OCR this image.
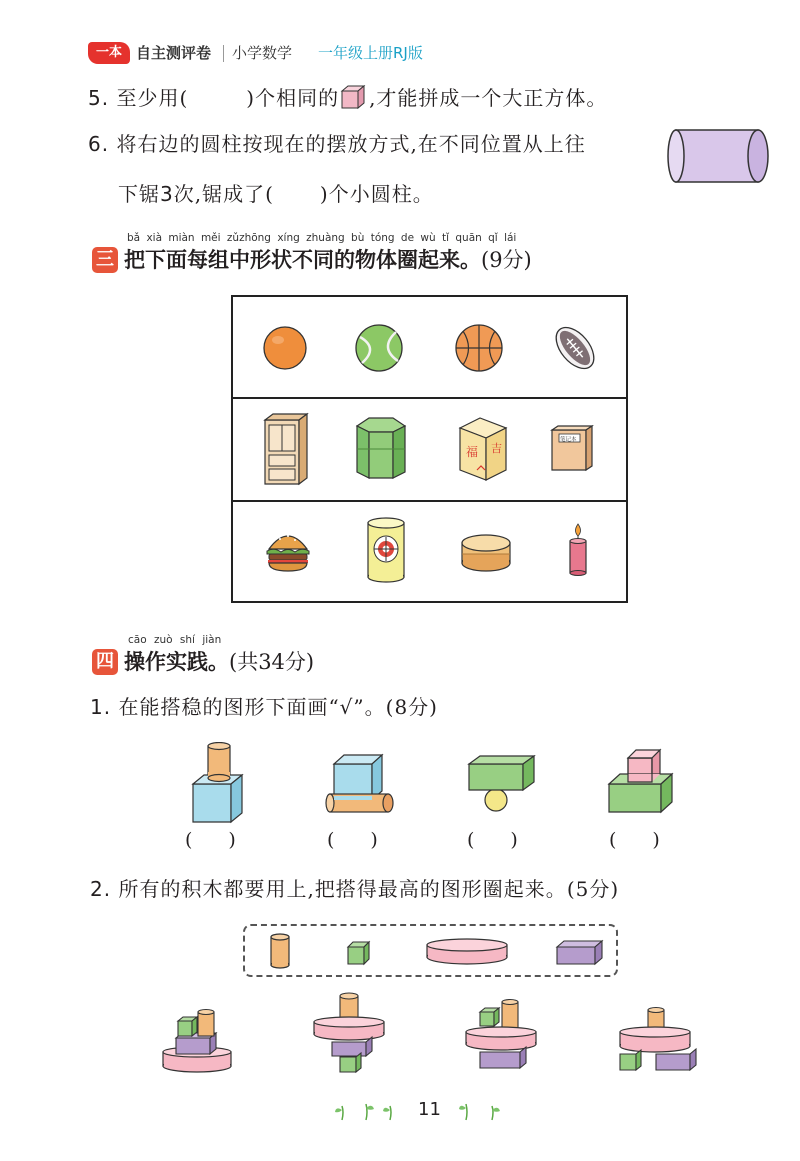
一本 自主测评卷 小学数学 一年级上册RJ版
5. 至少用(	)个相同的 ,才能拼成一个大正方体。
6. 将右边的圆柱按现在的摆放方式,在不同位置从上往
下锯3次,锯成了( )个小圆柱。
bǎ xià miàn měi zǔzhōng xíng zhuàng bù tóng de wù tǐ quān qǐ lái
三 把下面每组中形状不同的物体圈起来。(9分)
福 吉
笔记本
cāo zuò shí jiàn
四 操作实践。(共34分)
1. 在能搭稳的图形下面画“√”。(8分)
( )	( )	( )	( )
2. 所有的积木都要用上,把搭得最高的图形圈起来。(5分)
11
